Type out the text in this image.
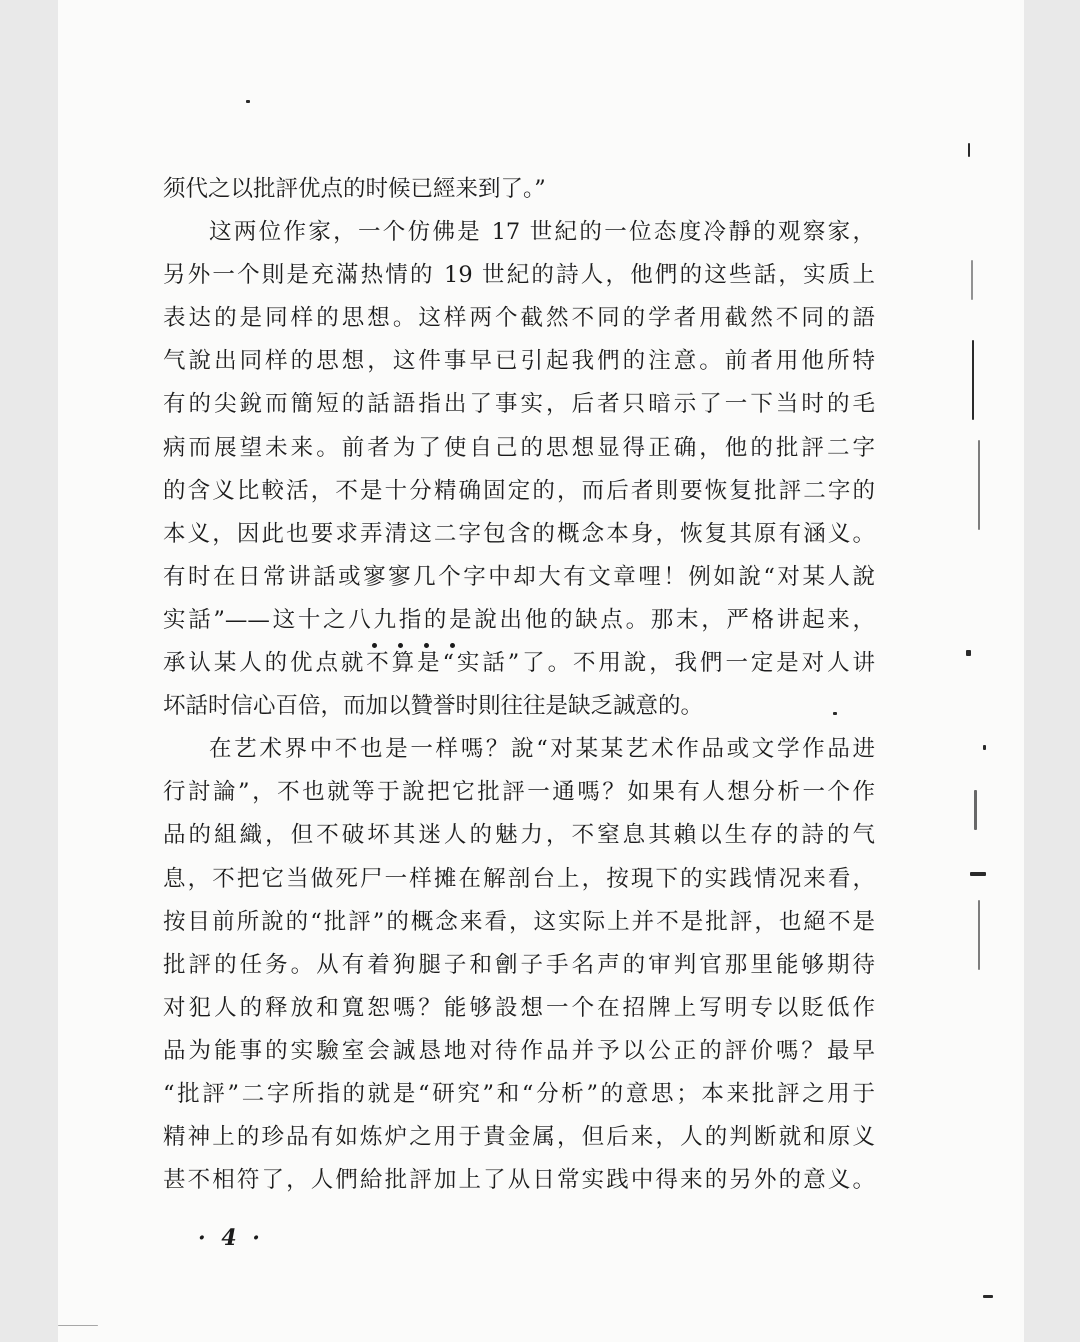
须代之以批評优点的时候已經来到了。”
这两位作家，一个仿佛是 17 世紀的一位态度冷靜的观察家，
另外一个則是充滿热情的 19 世紀的詩人，他們的这些話，实质上
表达的是同样的思想。这样两个截然不同的学者用截然不同的語
气說出同样的思想，这件事早已引起我們的注意。前者用他所特
有的尖銳而簡短的話語指出了事实，后者只暗示了一下当时的毛
病而展望未来。前者为了使自己的思想显得正确，他的批評二字
的含义比較活，不是十分精确固定的，而后者則要恢复批評二字的
本义，因此也要求弄清这二字包含的概念本身，恢复其原有涵义。
有时在日常讲話或寥寥几个字中却大有文章哩！例如說“对某人說
实話”——这十之八九指的是說出他的缺点。那末，严格讲起来，
承认某人的优点就不算是“实話”了。不用說，我們一定是对人讲
坏話时信心百倍，而加以贊誉时則往往是缺乏誠意的。
在艺术界中不也是一样嗎？說“对某某艺术作品或文学作品进
行討論”，不也就等于說把它批評一通嗎？如果有人想分析一个作
品的組織，但不破坏其迷人的魅力，不窒息其賴以生存的詩的气
息，不把它当做死尸一样摊在解剖台上，按現下的实践情况来看，
按目前所說的“批評”的概念来看，这实际上并不是批評，也絕不是
批評的任务。从有着狗腿子和劊子手名声的审判官那里能够期待
对犯人的释放和寬恕嗎？能够設想一个在招牌上写明专以貶低作
品为能事的实驗室会誠恳地对待作品并予以公正的評价嗎？最早
“批評”二字所指的就是“研究”和“分析”的意思；本来批評之用于
精神上的珍品有如炼炉之用于貴金属，但后来，人的判断就和原义
甚不相符了，人們給批評加上了从日常实践中得来的另外的意义。
· 4 ·
